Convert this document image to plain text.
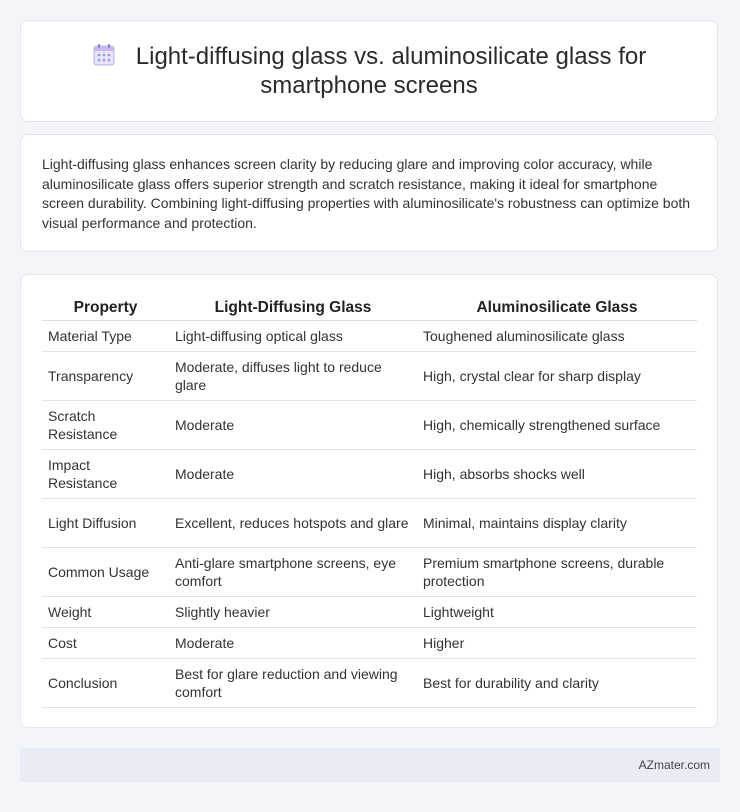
Light-diffusing glass vs. aluminosilicate glass for smartphone screens

Light-diffusing glass enhances screen clarity by reducing glare and improving color accuracy, while aluminosilicate glass offers superior strength and scratch resistance, making it ideal for smartphone screen durability. Combining light-diffusing properties with aluminosilicate's robustness can optimize both visual performance and protection.

Property	Light-Diffusing Glass	Aluminosilicate Glass
Material Type	Light-diffusing optical glass	Toughened aluminosilicate glass
Transparency	Moderate, diffuses light to reduce glare	High, crystal clear for sharp display
Scratch Resistance	Moderate	High, chemically strengthened surface
Impact Resistance	Moderate	High, absorbs shocks well
Light Diffusion	Excellent, reduces hotspots and glare	Minimal, maintains display clarity
Common Usage	Anti-glare smartphone screens, eye comfort	Premium smartphone screens, durable protection
Weight	Slightly heavier	Lightweight
Cost	Moderate	Higher
Conclusion	Best for glare reduction and viewing comfort	Best for durability and clarity
AZmater.com
